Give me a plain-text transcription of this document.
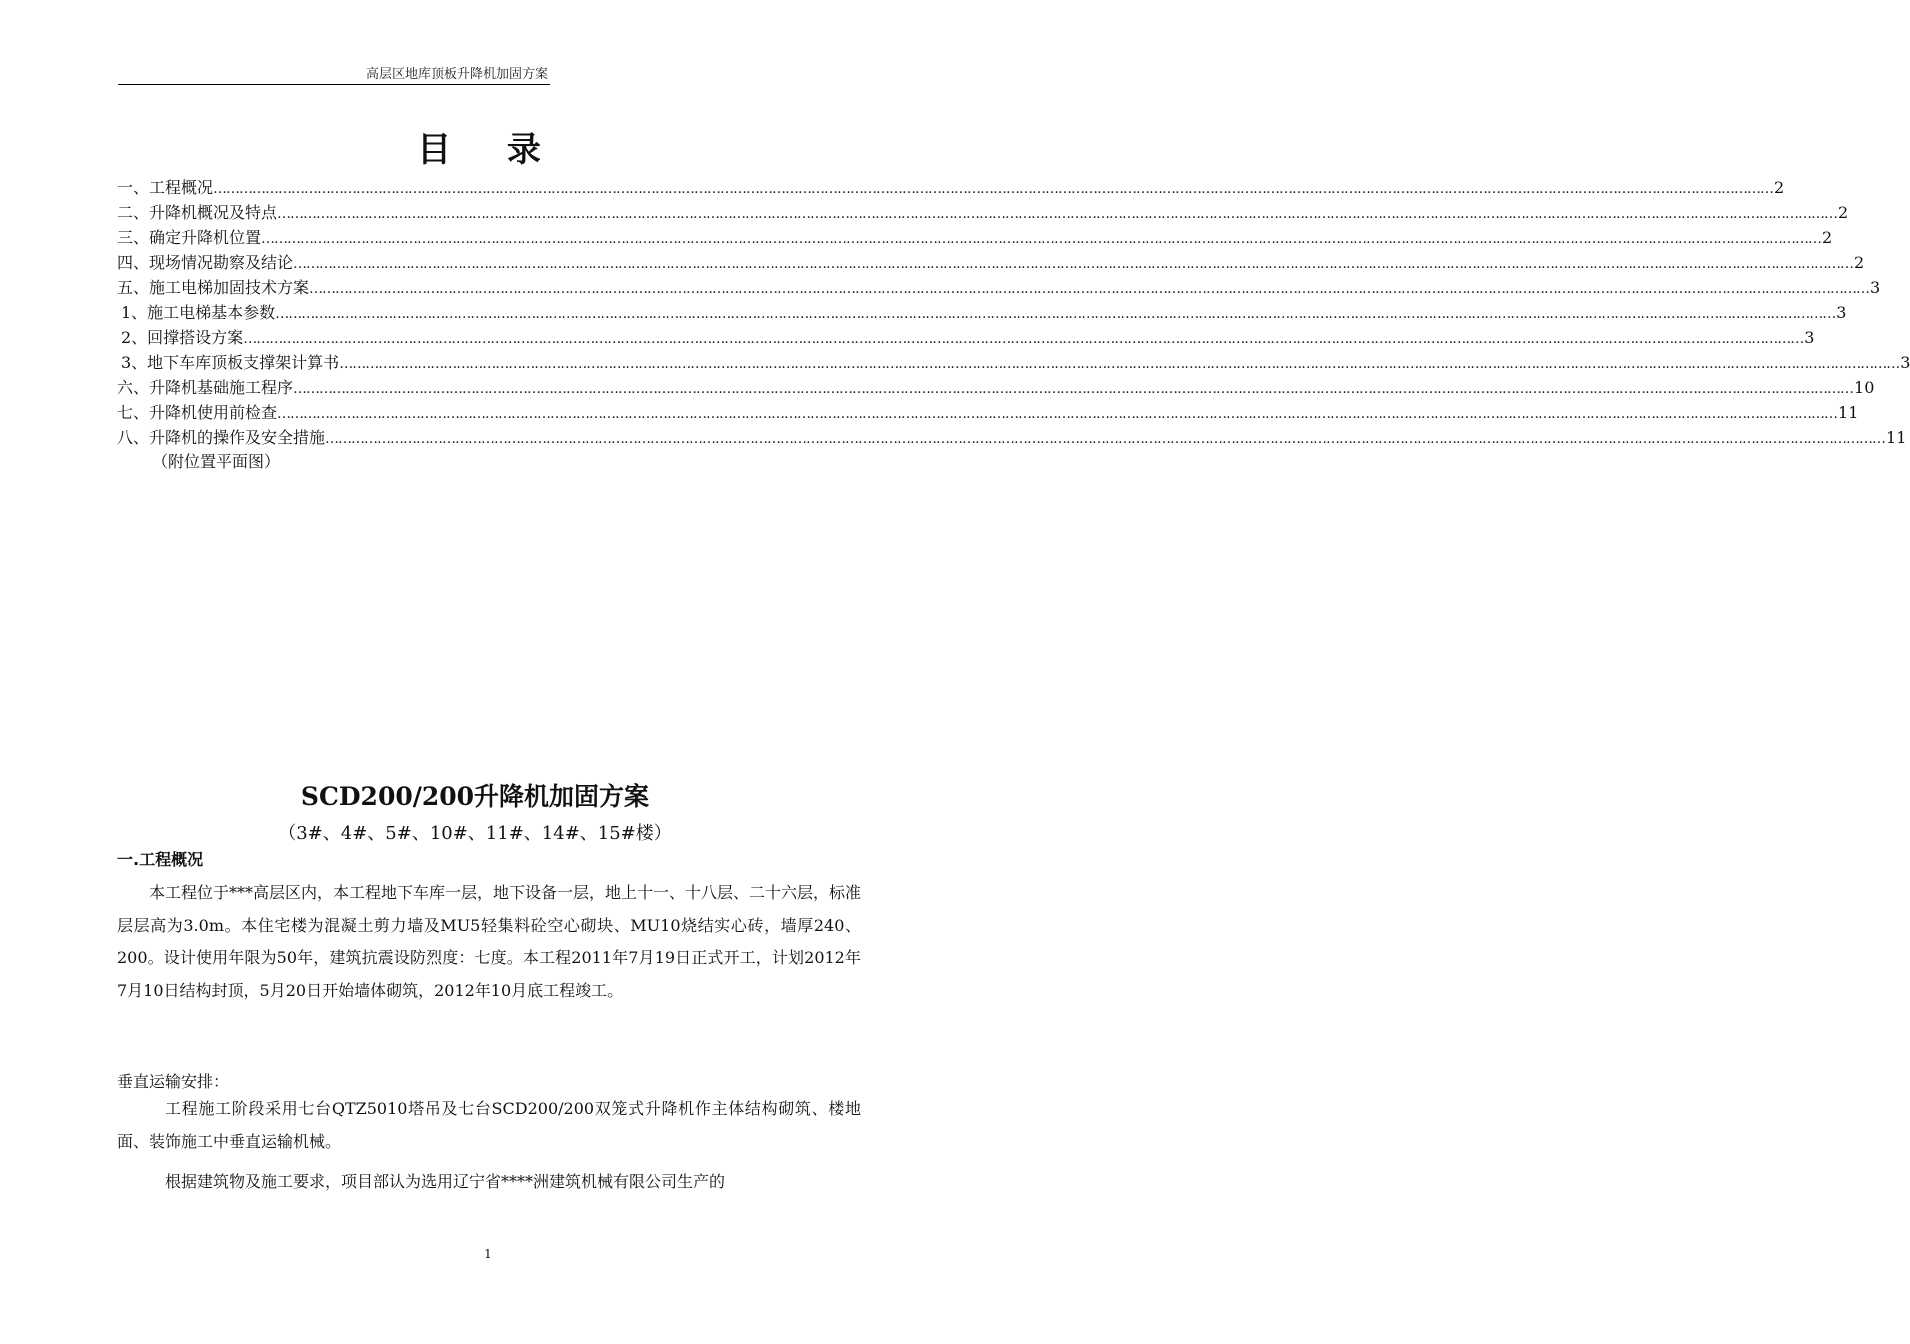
高层区地库顶板升降机加固方案
目 录
一、工程概况 ……………………………………………………………………………………………………………………………………………………………………………………………………………………………………………………………………………………………………………………………… 2
二、升降机概况及特点 ……………………………………………………………………………………………………………………………………………………………………………………………………………………………………………………………………………………………………………………………… 2
三、确定升降机位置 ……………………………………………………………………………………………………………………………………………………………………………………………………………………………………………………………………………………………………………………………… 2
四、现场情况勘察及结论 ……………………………………………………………………………………………………………………………………………………………………………………………………………………………………………………………………………………………………………………………… 2
五、施工电梯加固技术方案 ……………………………………………………………………………………………………………………………………………………………………………………………………………………………………………………………………………………………………………………………… 3
1、施工电梯基本参数 ……………………………………………………………………………………………………………………………………………………………………………………………………………………………………………………………………………………………………………………………… 3
2、回撑搭设方案 ……………………………………………………………………………………………………………………………………………………………………………………………………………………………………………………………………………………………………………………………… 3
3、地下车库顶板支撑架计算书 ……………………………………………………………………………………………………………………………………………………………………………………………………………………………………………………………………………………………………………………………… 3
六、升降机基础施工程序 ……………………………………………………………………………………………………………………………………………………………………………………………………………………………………………………………………………………………………………………………… 10
七、升降机使用前检查 ……………………………………………………………………………………………………………………………………………………………………………………………………………………………………………………………………………………………………………………………… 11
八、升降机的操作及安全措施 ……………………………………………………………………………………………………………………………………………………………………………………………………………………………………………………………………………………………………………………………… 11
（附位置平面图）
SCD200/200升降机加固方案
（3#、4#、5#、10#、11#、14#、15#楼）
一.工程概况
本工程位于***高层区内，本工程地下车库一层，地下设备一层，地上十一、十八层、二十六层，标准层层高为3.0m。本住宅楼为混凝土剪力墙及MU5轻集料砼空心砌块、MU10烧结实心砖，墙厚240、200。设计使用年限为50年，建筑抗震设防烈度：七度。本工程2011年7月19日正式开工，计划2012年7月10日结构封顶，5月20日开始墙体砌筑，2012年10月底工程竣工。
垂直运输安排：
工程施工阶段采用七台QTZ5010塔吊及七台SCD200/200双笼式升降机作主体结构砌筑、楼地面、装饰施工中垂直运输机械。
根据建筑物及施工要求，项目部认为选用辽宁省****洲建筑机械有限公司生产的
1
